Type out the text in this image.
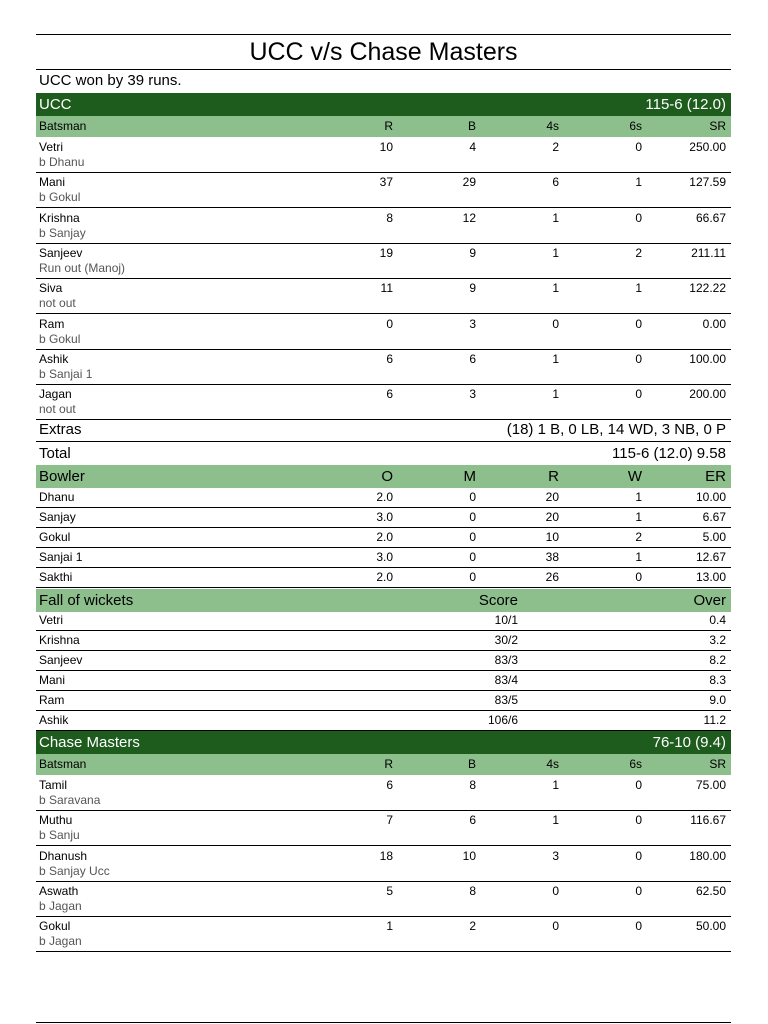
UCC v/s Chase Masters
UCC won by 39 runs.
UCC	115-6 (12.0)
Batsman	R	B	4s	6s	SR
Vetri
b Dhanu
10	4	2	0	250.00
Mani
b Gokul
37	29	6	1	127.59
Krishna
b Sanjay
8	12	1	0	66.67
Sanjeev
Run out (Manoj)
19	9	1	2	211.11
Siva
not out
11	9	1	1	122.22
Ram
b Gokul
0	3	0	0	0.00
Ashik
b Sanjai 1
6	6	1	0	100.00
Jagan
not out
6	3	1	0	200.00
Extras	(18) 1 B, 0 LB, 14 WD, 3 NB, 0 P
Total	115-6 (12.0) 9.58
Bowler	O	M	R	W	ER
Dhanu	2.0	0	20	1	10.00
Sanjay	3.0	0	20	1	6.67
Gokul	2.0	0	10	2	5.00
Sanjai 1	3.0	0	38	1	12.67
Sakthi	2.0	0	26	0	13.00
Fall of wickets	Score	Over
Vetri	10/1	0.4
Krishna	30/2	3.2
Sanjeev	83/3	8.2
Mani	83/4	8.3
Ram	83/5	9.0
Ashik	106/6	11.2
Chase Masters	76-10 (9.4)
Batsman	R	B	4s	6s	SR
Tamil
b Saravana
6	8	1	0	75.00
Muthu
b Sanju
7	6	1	0	116.67
Dhanush
b Sanjay Ucc
18	10	3	0	180.00
Aswath
b Jagan
5	8	0	0	62.50
Gokul
b Jagan
1	2	0	0	50.00
